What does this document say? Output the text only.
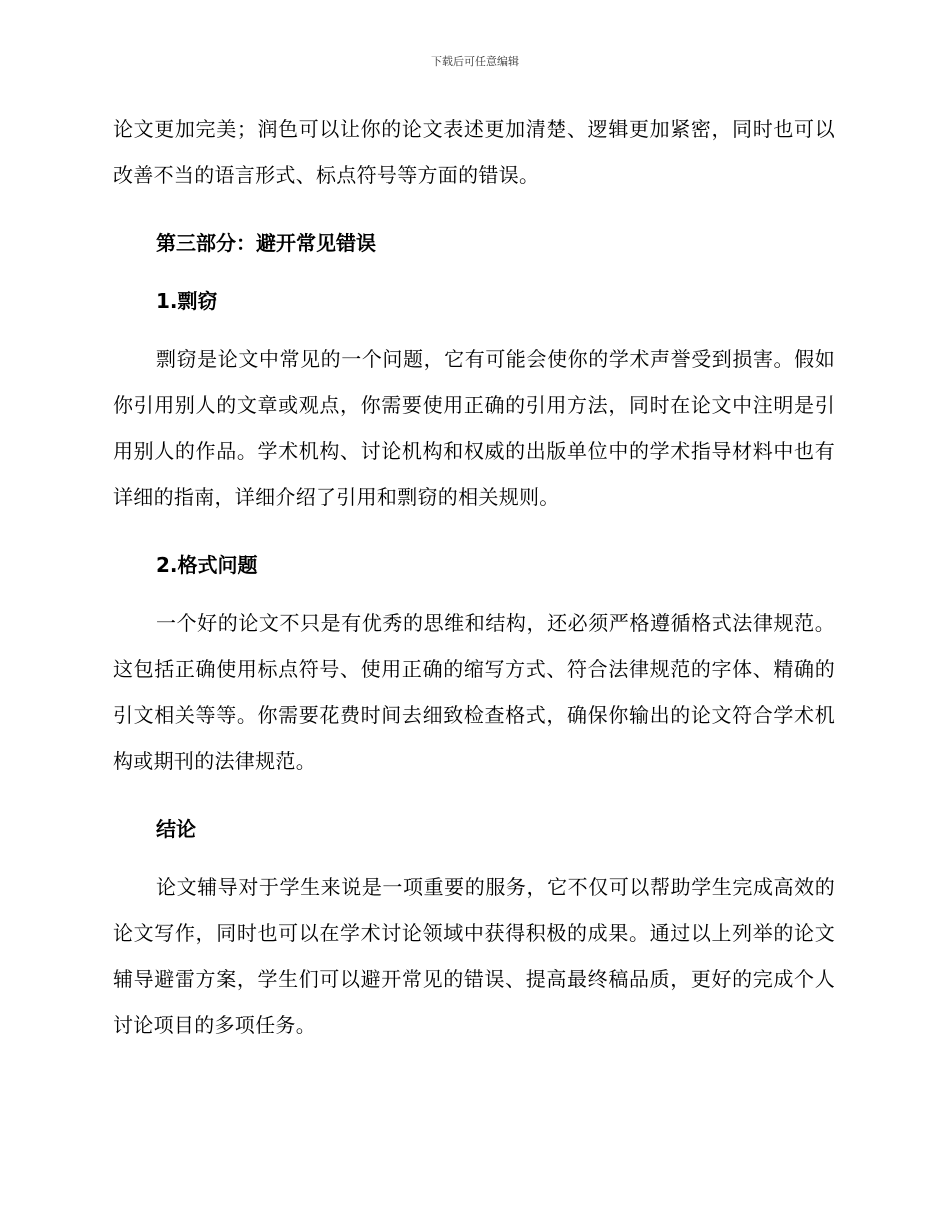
下载后可任意编辑

论文更加完美；润色可以让你的论文表述更加清楚、逻辑更加紧密，同时也可以改善不当的语言形式、标点符号等方面的错误。

第三部分：避开常见错误
1.剽窃

剽窃是论文中常见的一个问题，它有可能会使你的学术声誉受到损害。假如你引用别人的文章或观点，你需要使用正确的引用方法，同时在论文中注明是引用别人的作品。学术机构、讨论机构和权威的出版单位中的学术指导材料中也有详细的指南，详细介绍了引用和剽窃的相关规则。

2.格式问题

一个好的论文不只是有优秀的思维和结构，还必须严格遵循格式法律规范。这包括正确使用标点符号、使用正确的缩写方式、符合法律规范的字体、精确的引文相关等等。你需要花费时间去细致检查格式，确保你输出的论文符合学术机构或期刊的法律规范。

结论

论文辅导对于学生来说是一项重要的服务，它不仅可以帮助学生完成高效的论文写作，同时也可以在学术讨论领域中获得积极的成果。通过以上列举的论文辅导避雷方案，学生们可以避开常见的错误、提高最终稿品质，更好的完成个人讨论项目的多项任务。
